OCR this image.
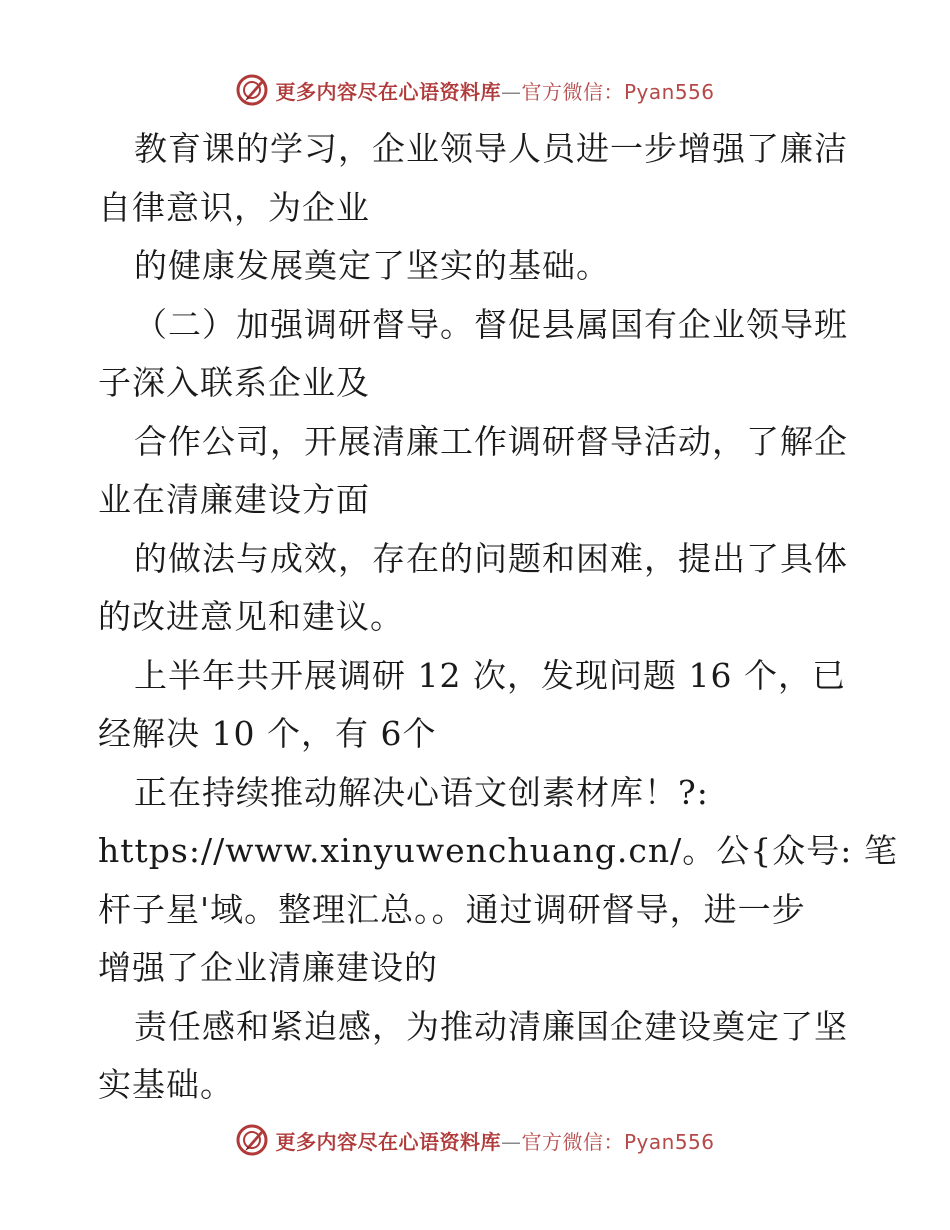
更多内容尽在心语资料库—官方微信：Pyan556
教育课的学习，企业领导人员进一步增强了廉洁
自律意识，为企业
的健康发展奠定了坚实的基础。
（二）加强调研督导。督促县属国有企业领导班
子深入联系企业及
合作公司，开展清廉工作调研督导活动，了解企
业在清廉建设方面
的做法与成效，存在的问题和困难，提出了具体
的改进意见和建议。
上半年共开展调研 12 次，发现问题 16 个，已
经解决 10 个，有 6个
正在持续推动解决心语文创素材库！?:
https://www.xinyuwenchuang.cn/。公{众号: 笔
杆子星'域。整理汇总。。通过调研督导，进一步
增强了企业清廉建设的
责任感和紧迫感，为推动清廉国企建设奠定了坚
实基础。
更多内容尽在心语资料库—官方微信：Pyan556
